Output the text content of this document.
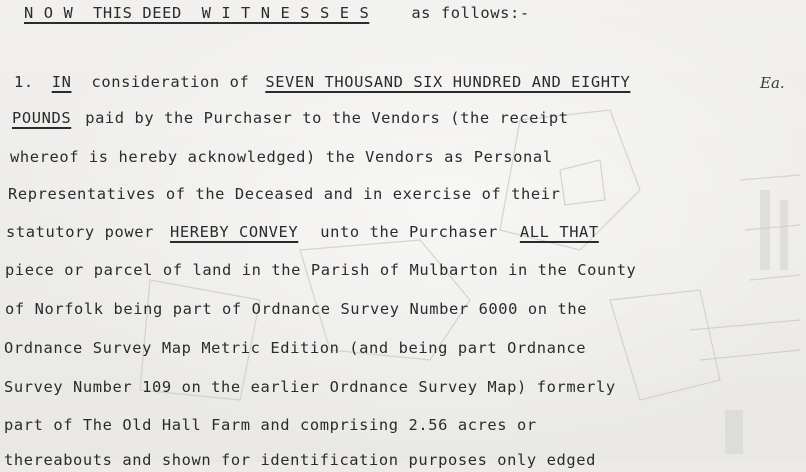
N O W  THIS DEED  W I T N E S S E S	as follows:-
1. IN consideration of SEVEN THOUSAND SIX HUNDRED AND EIGHTY	Ea.
POUNDS paid by the Purchaser to the Vendors (the receipt
whereof is hereby acknowledged) the Vendors as Personal
Representatives of the Deceased and in exercise of their
statutory power HEREBY CONVEY unto the Purchaser ALL THAT
piece or parcel of land in the Parish of Mulbarton in the County
of Norfolk being part of Ordnance Survey Number 6000 on the
Ordnance Survey Map Metric Edition (and being part Ordnance
Survey Number 109 on the earlier Ordnance Survey Map) formerly
part of The Old Hall Farm and comprising 2.56 acres or
thereabouts and shown for identification purposes only edged
